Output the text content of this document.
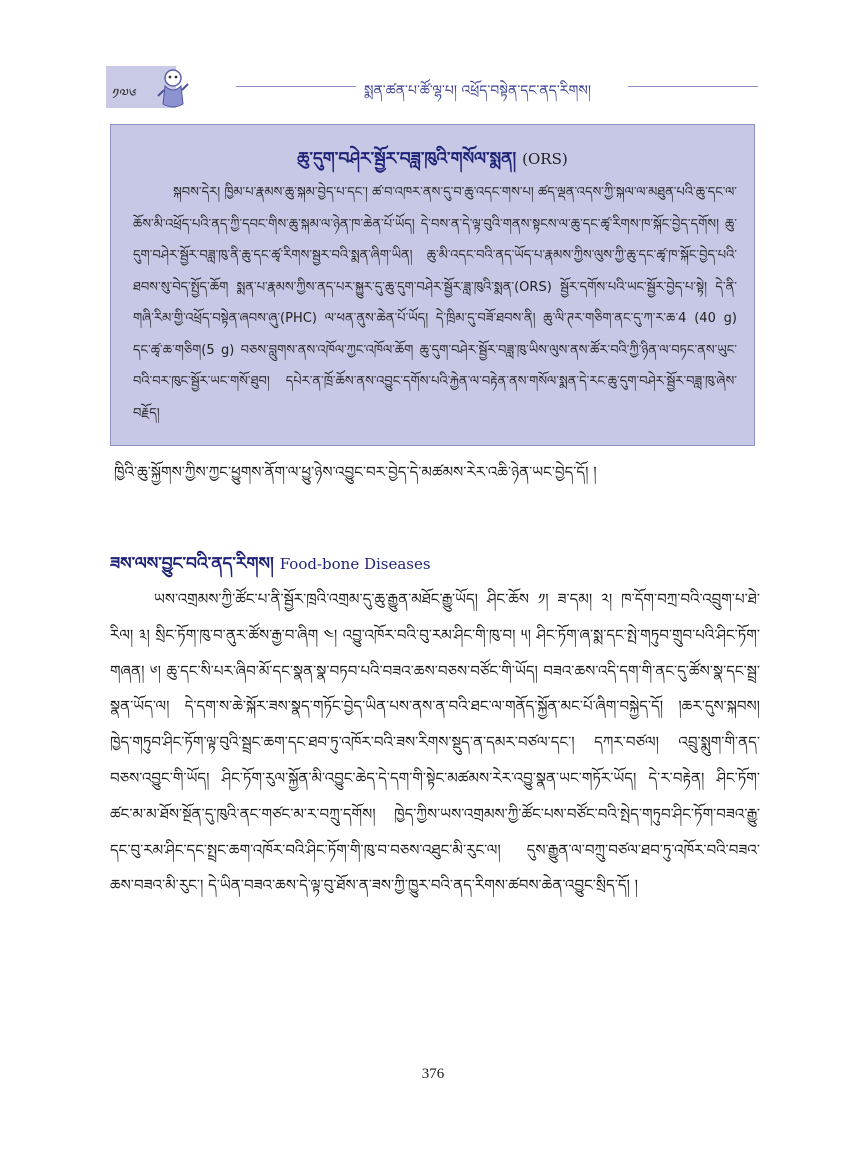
༡༧༦	སྨན་ཚན་པ་ཚོ་ལྷ་པ། འཕྲོད་བསྟེན་དང་ནད་རིགས།
ཆུ་དུག་བཤེར་སྦྱོར་བཟླ་ཁུའི་གསོལ་སྨན། (ORS)

སྐབས་དེར། ཁྱིམ་པ་རྣམས་ཆུ་སྐམ་བྱེད་པ་དང་། ཚ་བ་འཁར་ནས་དུ་བ་ཆུ་འདང་གས་པ། ཚད་ལྡན་འདས་ཀྱི་སྐལ་ལ་མཐུན་པའི་ཆུ་དང་ལ་ཆོས་མི་འཕྲོད་པའི་ནད་ཀྱི་དབང་གིས་ཆུ་སྐམ་ལ་ཉེན་ཁ་ཆེན་པོ་ཡོད། དེ་བས་ན་དེ་ལྟ་བུའི་གནས་སྟངས་ལ་ཆུ་དང་ཚྭ་རིགས་ཁ་སྐོང་བྱེད་དགོས། ཆུ་དུག་བཤེར་སྦྱོར་བཟླ་ཁུ་ནི་ཆུ་དང་ཚྭ་རིགས་སྦྱར་བའི་སྨན་ཞིག་ཡིན། ཆུ་མི་འདང་བའི་ནད་ཡོད་པ་རྣམས་ཀྱིས་ལུས་ཀྱི་ཆུ་དང་ཚྭ་ཁ་སྐོང་བྱེད་པའི་ཐབས་སུ་བེད་སྤྱོད་ཆོག སྨན་པ་རྣམས་ཀྱིས་ནད་པར་སྐྱུར་དུ་ཆུ་དུག་བཤེར་སྦྱོར་ཟླ་ཁུའི་སྨན་(ORS) སྦྱོར་དགོས་པའི་ཡང་སྦྱོར་བྱེད་པ་སྟེ། དེ་ནི་གཞི་རིམ་གྱི་འཕྲོད་བསྟེན་ཞབས་ཞུ་(PHC) ལ་ཕན་ནུས་ཆེན་པོ་ཡོད། དེ་ཁྲིམ་དུ་བཟོ་ཐབས་ནི། ཆུ་ལི་ཊར་གཅིག་ནང་དུ་ཀ་ར་ཆ་4 (40 g) དང་ཚྭ་ཆ་གཅིག(5 g) བཅས་བླུགས་ནས་འཁོལ་ཀྱང་འཁོལ་ཆོག ཆུ་དུག་བཤེར་སྦྱོར་བཟླ་ཁུ་ཡིས་ལུས་ནས་ཚོར་བའི་ཀྱི་ཉིན་ལ་བཏང་ནས་ཡུང་བའི་བར་ཁུང་སྦྱོར་ཡང་གསོ་ཐུབ། དཔེར་ན་ཁྲོ་ཆོས་ནས་འབྱུང་དགོས་པའི་རྐྱེན་ལ་བརྟེན་ནས་གསོལ་སྨན་དེ་རང་ཆུ་དུག་བཤེར་སྦྱོར་བཟླ་ཁུ་ཞེས་བརྗོད།

ཁྱིའི་ཆུ་སྐྱོགས་ཀྱིས་ཀྱང་ཕྱུགས་ནོག་ལ་ཕྱུ་ཉེས་འབྱུང་བར་བྱེད་དེ་མཚམས་རེར་འཆི་ཉེན་ཡང་བྱེད་དོ། །
ཟས་ལས་བྱུང་བའི་ནད་རིགས། Food-bone Diseases

ཡས་འགྲམས་ཀྱི་ཚོང་པ་ནི་སྦྱོར་ཁྲའི་འགྲམ་དུ་ཆུ་རྒྱུན་མཐོང་རྒྱུ་ཡོད། ཤིང་ཆོས ༡། ཟ་དམ། ༢། ཁ་དོག་བཀྲ་བའི་འབྲུག་པ་ཐེ་རིལ། ༣། སྲིང་ཏོག་ཁུ་བ་ནུར་ཚོས་རྒྱ་བ་ཞིག ༤། འབྱུ་འཁོར་བའི་བུ་རམ་ཤིང་གི་ཁུ་བ། ༥། ཤིང་ཏོག་ཞ་སྨ་དང་སྤེ་གཏུབ་གྲུབ་པའི་ཤིང་ཏོག་གཞན། ༦། ཆུ་དང་སི་པར་ཞིབ་མོ་དང་སྣན་སྣ་བཏབ་པའི་བཟའ་ཆས་བཅས་བཙོང་གི་ཡོད། བཟའ་ཆས་འདི་དག་གི་ནང་དུ་ཚོས་སྣ་དང་སྦྲ་སྣན་ཡོད་ལ། དེ་དག་ས་ཆེ་སྐོར་ཟས་སྣད་གཏོང་བྱེད་ཡིན་པས་ནས་ན་བའི་ཐང་ལ་གནོད་སྐྱོན་མང་པོ་ཞིག་བསྐྱེད་དོ། །ཆར་དུས་སྐབས། ཁྱེད་གཏུབ་ཤིང་ཏོག་ལྟ་བུའི་སྦྲང་ཆག་དང་ཐབ་ཏུ་འཁོར་བའི་ཟས་རིགས་སྡུད་ན་དམར་བཙལ་དང་། དཀར་བཙལ། འབྲུ་སྨུག་གི་ནད་བཅས་འབྱུང་གི་ཡོད། ཤིང་ཏོག་རུལ་སྐྱོན་མི་འབྱུང་ཆེད་དེ་དག་གི་སྟེང་མཚམས་རེར་འབྱུ་སྣན་ཡང་གཏོར་ཡོད། དེ་ར་བརྟེན། ཤིང་ཏོག་ཚང་མ་མ་ཐོས་སྔོན་དུ་ཁུའི་ནང་གཙང་མ་ར་བཀྲུ་དགོས། ཁྱེད་ཀྱིས་ཡས་འགྲམས་ཀྱི་ཚོང་པས་བཙོང་བའི་སྤེད་གཏུབ་ཤིང་ཏོག་བཟའ་རྒྱུ་དང་བུ་རམ་ཤིང་དང་སྤྲང་ཆག་འཁོར་བའི་ཤིང་ཏོག་གི་ཁུ་བ་བཅས་འཐུང་མི་རུང་ལ། དུས་རྒྱུན་ལ་བཀྲུ་བཙལ་ཐབ་ཏུ་འཁོར་བའི་བཟའ་ཆས་བཟའ་མི་རུང་། དེ་ཡིན་བཟའ་ཆས་དེ་ལྟ་བུ་ཐོས་ན་ཟས་ཀྱི་ཁྱུར་བའི་ནད་རིགས་ཚབས་ཆེན་འབྱུང་སྲིད་དོ། །

376
